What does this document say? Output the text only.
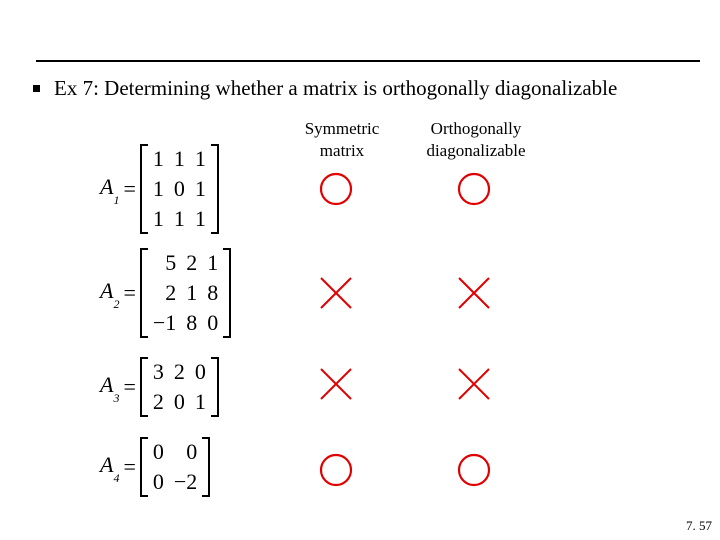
Ex 7: Determining whether a matrix is orthogonally diagonalizable
Symmetric
matrix
Orthogonally
diagonalizable
$A_1$ =
1	1	1
1	0	1
1	1	1
$A_2$ =
5	2	1
2	1	8
−1	8	0
$A_3$ =
3	2	0
2	0	1
$A_4$ =
0	0
0	−2
7. 57
